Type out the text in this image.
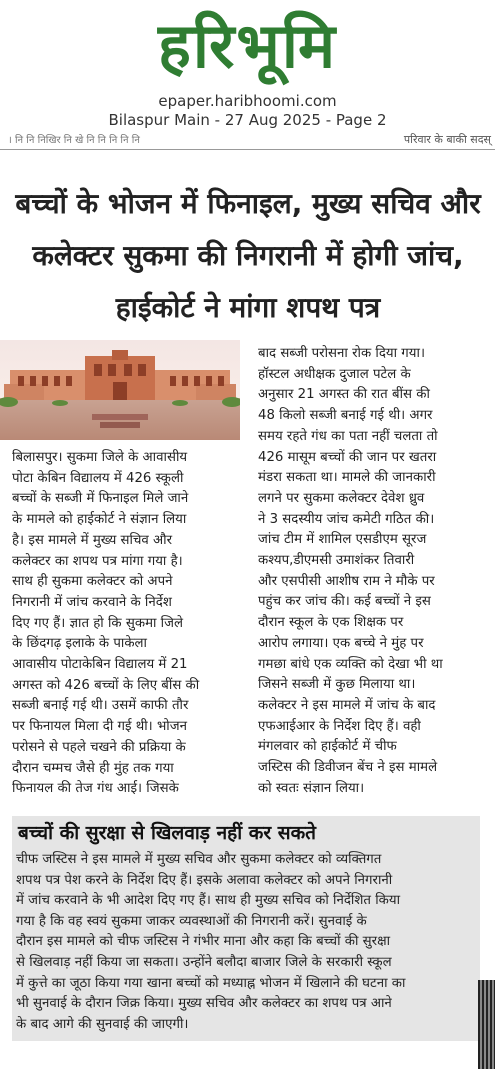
हरिभूमि
epaper.haribhoomi.com
Bilaspur Main - 27 Aug 2025 - Page 2
। नि नि निखिर नि खे नि नि नि नि नि	परिवार के बाकी सदस्
बच्चों के भोजन में फिनाइल, मुख्य सचिव और कलेक्टर सुकमा की निगरानी में होगी जांच, हाईकोर्ट ने मांगा शपथ पत्र
बिलासपुर। सुकमा जिले के आवासीय
पोटा केबिन विद्यालय में 426 स्कूली
बच्चों के सब्जी में फिनाइल मिले जाने
के मामले को हाईकोर्ट ने संज्ञान लिया
है। इस मामले में मुख्य सचिव और
कलेक्टर का शपथ पत्र मांगा गया है।
साथ ही सुकमा कलेक्टर को अपने
निगरानी में जांच करवाने के निर्देश
दिए गए हैं। ज्ञात हो कि सुकमा जिले
के छिंदगढ़ इलाके के पाकेला
आवासीय पोटाकेबिन विद्यालय में 21
अगस्त को 426 बच्चों के लिए बींस की
सब्जी बनाई गई थी। उसमें काफी तौर
पर फिनायल मिला दी गई थी। भोजन
परोसने से पहले चखने की प्रक्रिया के
दौरान चम्मच जैसे ही मुंह तक गया
फिनायल की तेज गंध आई। जिसके
बाद सब्जी परोसना रोक दिया गया।
हॉस्टल अधीक्षक दुजाल पटेल के
अनुसार 21 अगस्त की रात बींस की
48 किलो सब्जी बनाई गई थी। अगर
समय रहते गंध का पता नहीं चलता तो
426 मासूम बच्चों की जान पर खतरा
मंडरा सकता था। मामले की जानकारी
लगने पर सुकमा कलेक्टर देवेश ध्रुव
ने 3 सदस्यीय जांच कमेटी गठित की।
जांच टीम में शामिल एसडीएम सूरज
कश्यप,डीएमसी उमाशंकर तिवारी
और एसपीसी आशीष राम ने मौके पर
पहुंच कर जांच की। कई बच्चों ने इस
दौरान स्कूल के एक शिक्षक पर
आरोप लगाया। एक बच्चे ने मुंह पर
गमछा बांधे एक व्यक्ति को देखा भी था
जिसने सब्जी में कुछ मिलाया था।
कलेक्टर ने इस मामले में जांच के बाद
एफआईआर के निर्देश दिए हैं। वही
मंगलवार को हाईकोर्ट में चीफ
जस्टिस की डिवीजन बेंच ने इस मामले
को स्वतः संज्ञान लिया।
बच्चों की सुरक्षा से खिलवाड़ नहीं कर सकते
चीफ जस्टिस ने इस मामले में मुख्य सचिव और सुकमा कलेक्टर को व्यक्तिगत
शपथ पत्र पेश करने के निर्देश दिए हैं। इसके अलावा कलेक्टर को अपने निगरानी
में जांच करवाने के भी आदेश दिए गए हैं। साथ ही मुख्य सचिव को निर्देशित किया
गया है कि वह स्वयं सुकमा जाकर व्यवस्थाओं की निगरानी करें। सुनवाई के
दौरान इस मामले को चीफ जस्टिस ने गंभीर माना और कहा कि बच्चों की सुरक्षा
से खिलवाड़ नहीं किया जा सकता। उन्होंने बलौदा बाजार जिले के सरकारी स्कूल
में कुत्ते का जूठा किया गया खाना बच्चों को मध्याह्न भोजन में खिलाने की घटना का
भी सुनवाई के दौरान जिक्र किया। मुख्य सचिव और कलेक्टर का शपथ पत्र आने
के बाद आगे की सुनवाई की जाएगी।
